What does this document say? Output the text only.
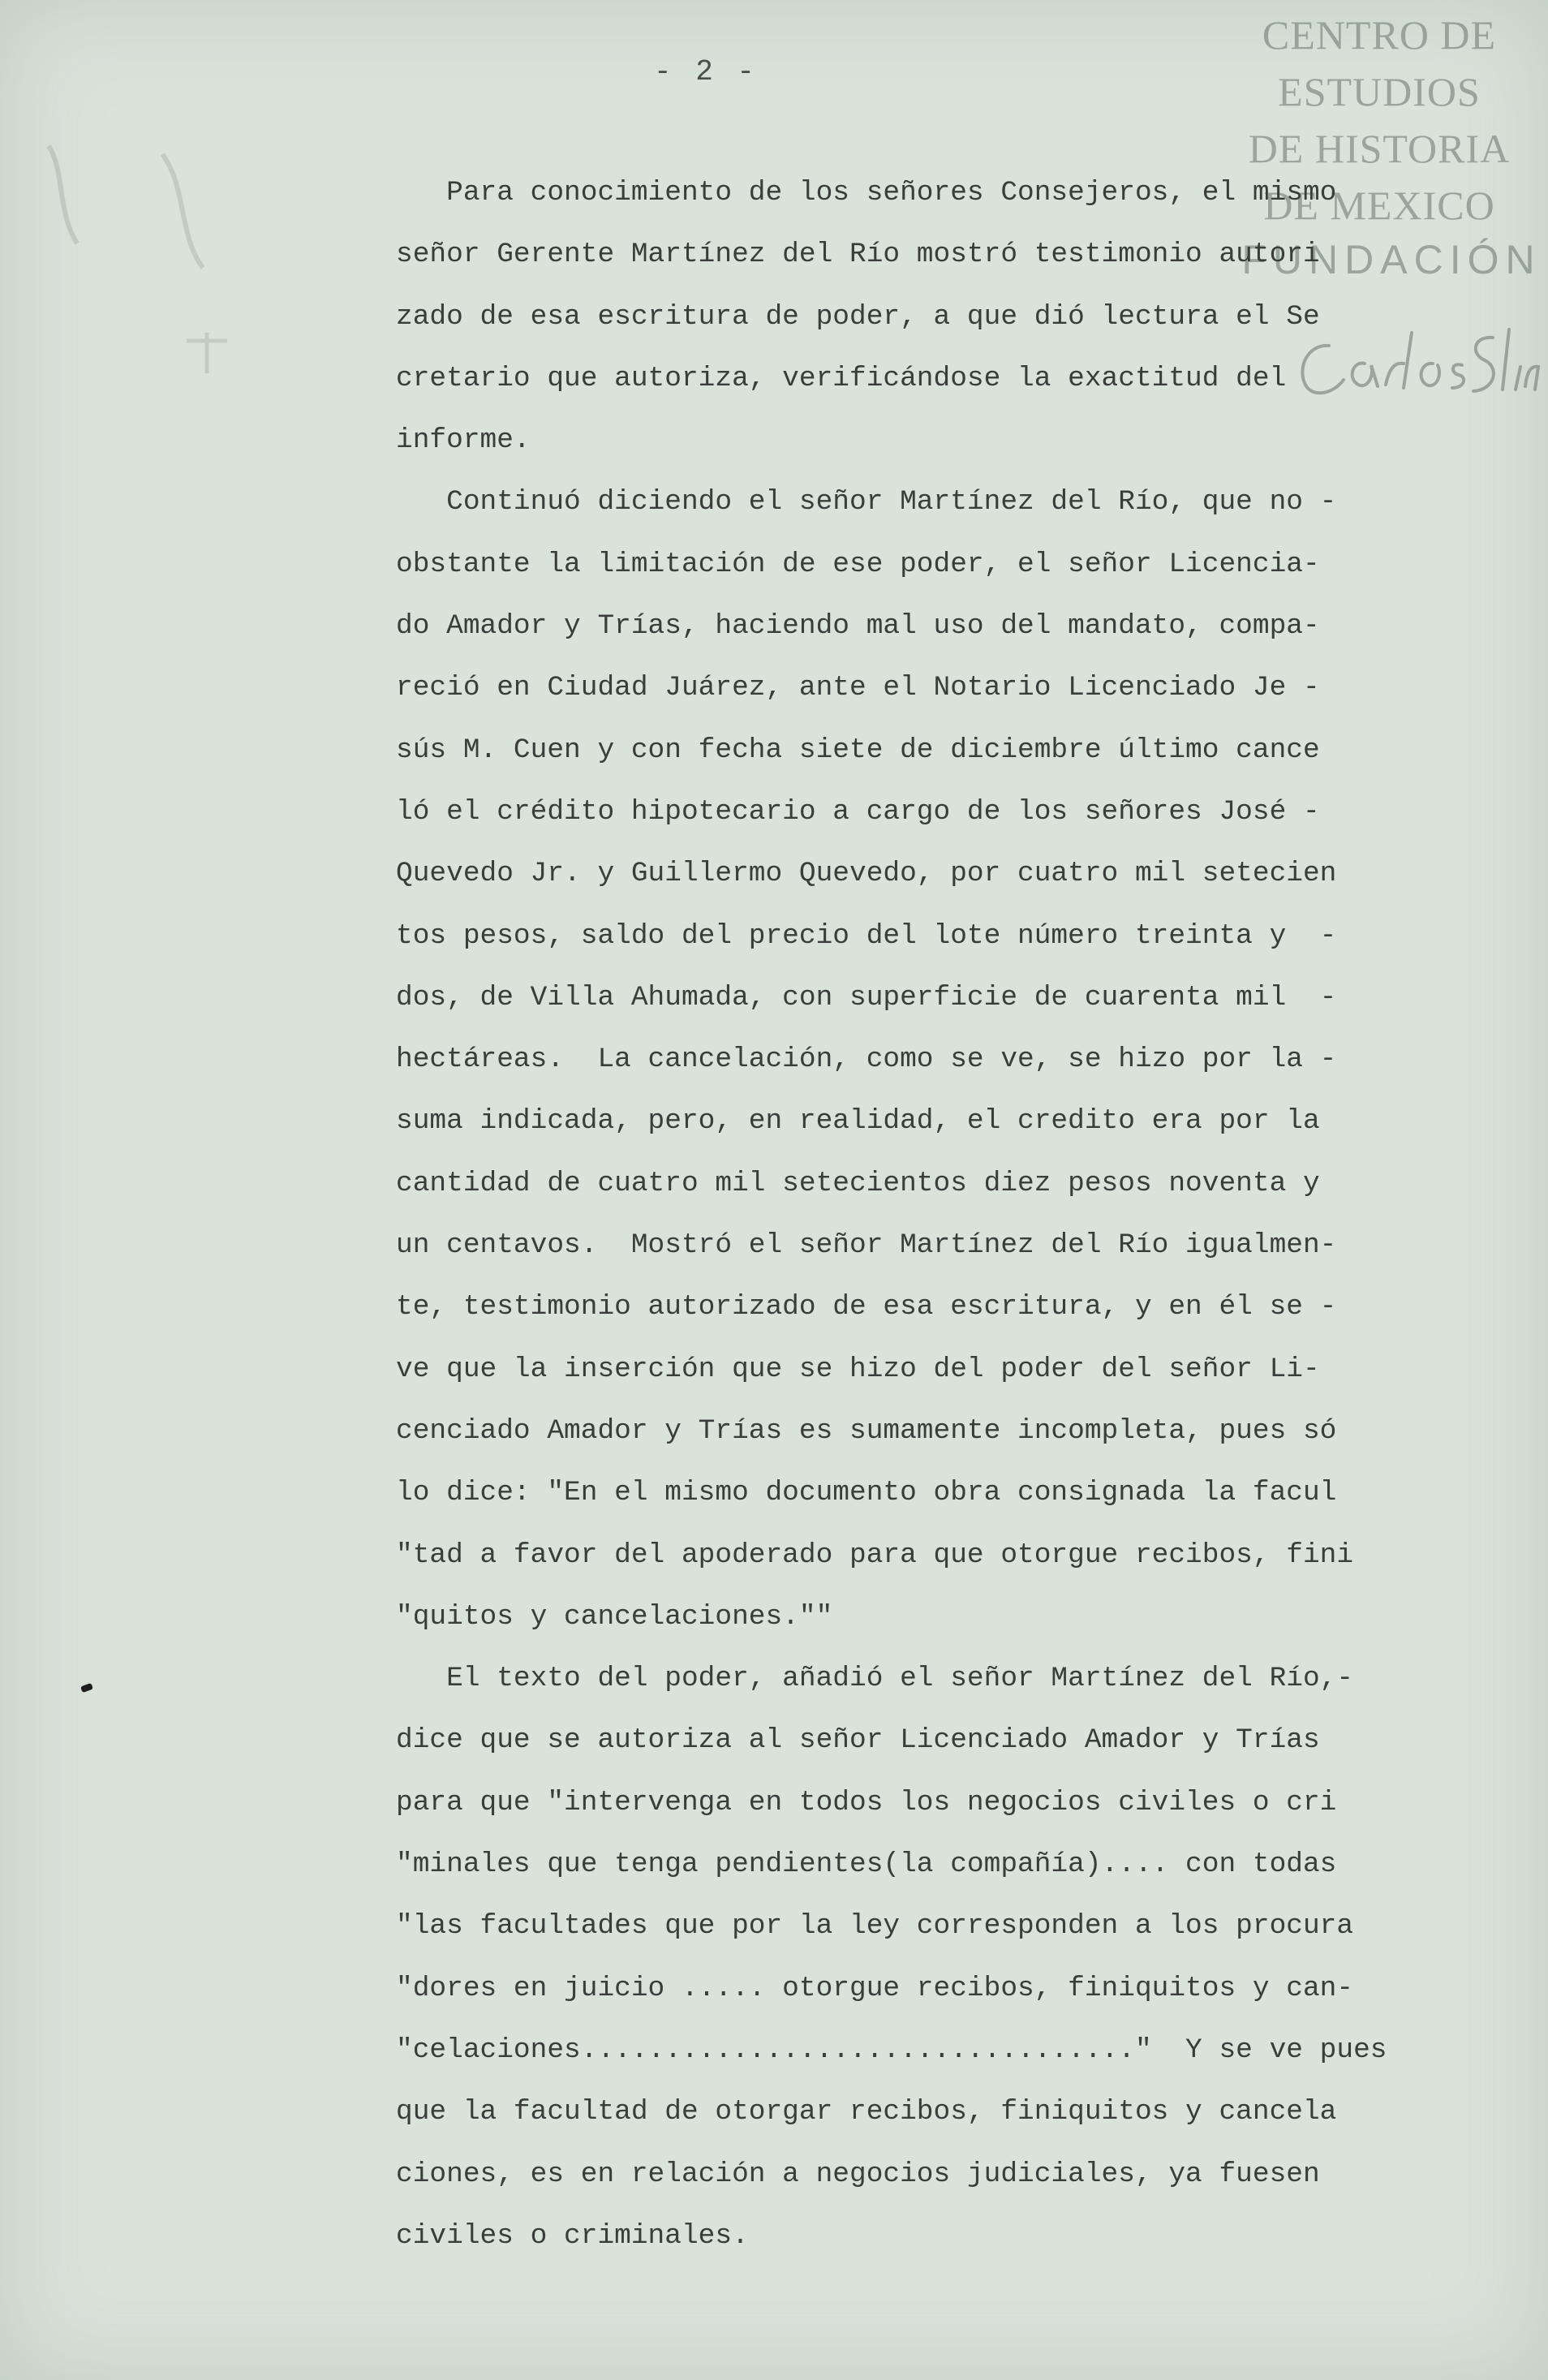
- 2 -
CENTRO DE
ESTUDIOS
DE HISTORIA
DE MEXICO
FUNDACIÓN
Para conocimiento de los señores Consejeros, el mismo
señor Gerente Martínez del Río mostró testimonio autori
zado de esa escritura de poder, a que dió lectura el Se
cretario que autoriza, verificándose la exactitud del
informe.
Continuó diciendo el señor Martínez del Río, que no -
obstante la limitación de ese poder, el señor Licencia-
do Amador y Trías, haciendo mal uso del mandato, compa-
reció en Ciudad Juárez, ante el Notario Licenciado Je -
sús M. Cuen y con fecha siete de diciembre último cance
ló el crédito hipotecario a cargo de los señores José -
Quevedo Jr. y Guillermo Quevedo, por cuatro mil setecien
tos pesos, saldo del precio del lote número treinta y  -
dos, de Villa Ahumada, con superficie de cuarenta mil  -
hectáreas.  La cancelación, como se ve, se hizo por la -
suma indicada, pero, en realidad, el credito era por la
cantidad de cuatro mil setecientos diez pesos noventa y
un centavos.  Mostró el señor Martínez del Río igualmen-
te, testimonio autorizado de esa escritura, y en él se -
ve que la inserción que se hizo del poder del señor Li-
cenciado Amador y Trías es sumamente incompleta, pues só
lo dice: "En el mismo documento obra consignada la facul
"tad a favor del apoderado para que otorgue recibos, fini
"quitos y cancelaciones.""
El texto del poder, añadió el señor Martínez del Río,-
dice que se autoriza al señor Licenciado Amador y Trías
para que "intervenga en todos los negocios civiles o cri
"minales que tenga pendientes(la compañía).... con todas
"las facultades que por la ley corresponden a los procura
"dores en juicio ..... otorgue recibos, finiquitos y can-
"celaciones................................."  Y se ve pues
que la facultad de otorgar recibos, finiquitos y cancela
ciones, es en relación a negocios judiciales, ya fuesen
civiles o criminales.
